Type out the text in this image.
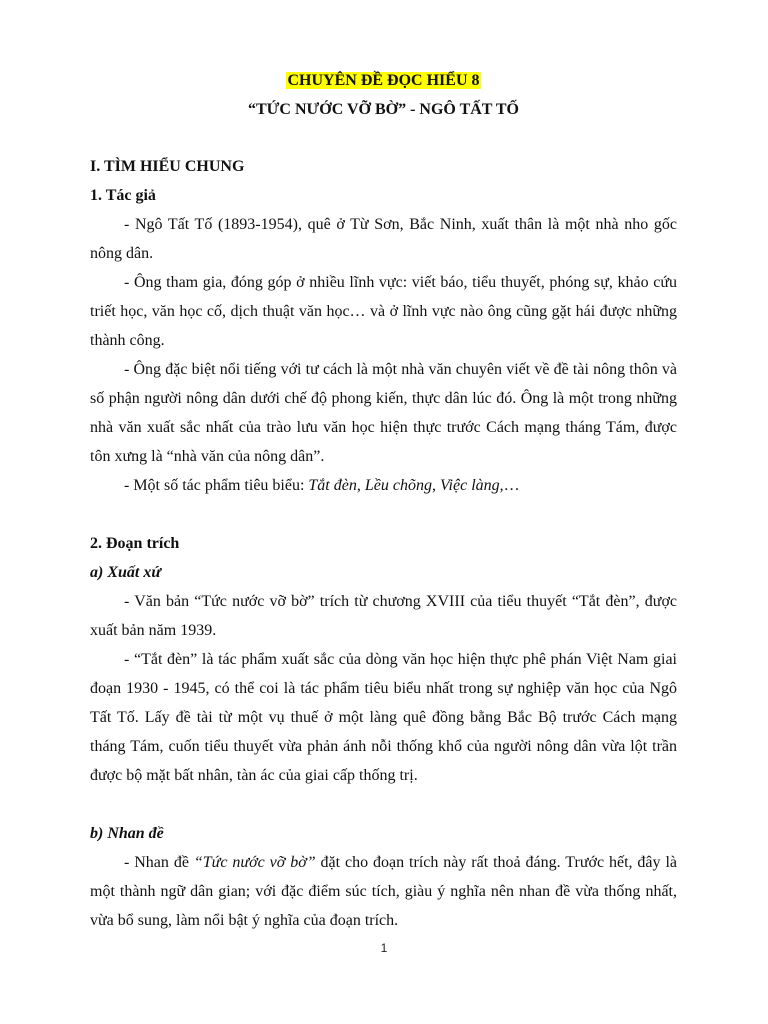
CHUYÊN ĐỀ ĐỌC HIỂU 8
“TỨC NƯỚC VỠ BỜ” - NGÔ TẤT TỐ
I. TÌM HIỂU CHUNG
1. Tác giả
- Ngô Tất Tố (1893-1954), quê ở Từ Sơn, Bắc Ninh, xuất thân là một nhà nho gốc nông dân.
- Ông tham gia, đóng góp ở nhiều lĩnh vực: viết báo, tiểu thuyết, phóng sự, khảo cứu triết học, văn học cố, dịch thuật văn học… và ở lĩnh vực nào ông cũng gặt hái được những thành công.
- Ông đặc biệt nổi tiếng với tư cách là một nhà văn chuyên viết về đề tài nông thôn và số phận người nông dân dưới chế độ phong kiến, thực dân lúc đó. Ông là một trong những nhà văn xuất sắc nhất của trào lưu văn học hiện thực trước Cách mạng tháng Tám, được tôn xưng là “nhà văn của nông dân”.
- Một số tác phẩm tiêu biểu: Tắt đèn, Lều chõng, Việc làng,…
2. Đoạn trích
a) Xuất xứ
- Văn bản “Tức nước vỡ bờ” trích từ chương XVIII của tiểu thuyết “Tắt đèn”, được xuất bản năm 1939.
- “Tắt đèn” là tác phẩm xuất sắc của dòng văn học hiện thực phê phán Việt Nam giai đoạn 1930 - 1945, có thể coi là tác phẩm tiêu biểu nhất trong sự nghiệp văn học của Ngô Tất Tố. Lấy đề tài từ một vụ thuế ở một làng quê đồng bằng Bắc Bộ trước Cách mạng tháng Tám, cuốn tiểu thuyết vừa phản ánh nỗi thống khổ của người nông dân vừa lột trần được bộ mặt bất nhân, tàn ác của giai cấp thống trị.
b) Nhan đề
- Nhan đề “Tức nước vỡ bờ” đặt cho đoạn trích này rất thoả đáng. Trước hết, đây là một thành ngữ dân gian; với đặc điểm súc tích, giàu ý nghĩa nên nhan đề vừa thống nhất, vừa bổ sung, làm nổi bật ý nghĩa của đoạn trích.
1
